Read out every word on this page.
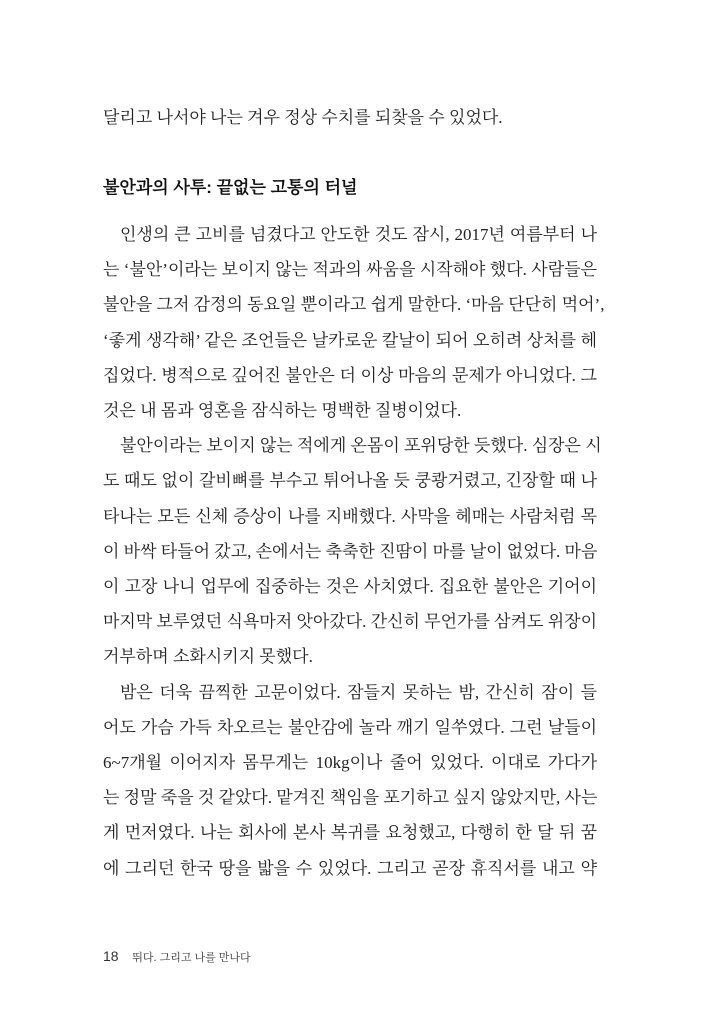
달리고 나서야 나는 겨우 정상 수치를 되찾을 수 있었다.
불안과의 사투: 끝없는 고통의 터널
인생의 큰 고비를 넘겼다고 안도한 것도 잠시, 2017년 여름부터 나
는 ‘불안’이라는 보이지 않는 적과의 싸움을 시작해야 했다. 사람들은
불안을 그저 감정의 동요일 뿐이라고 쉽게 말한다. ‘마음 단단히 먹어’,
‘좋게 생각해’ 같은 조언들은 날카로운 칼날이 되어 오히려 상처를 헤
집었다. 병적으로 깊어진 불안은 더 이상 마음의 문제가 아니었다. 그
것은 내 몸과 영혼을 잠식하는 명백한 질병이었다.
불안이라는 보이지 않는 적에게 온몸이 포위당한 듯했다. 심장은 시
도 때도 없이 갈비뼈를 부수고 튀어나올 듯 쿵쾅거렸고, 긴장할 때 나
타나는 모든 신체 증상이 나를 지배했다. 사막을 헤매는 사람처럼 목
이 바싹 타들어 갔고, 손에서는 축축한 진땀이 마를 날이 없었다. 마음
이 고장 나니 업무에 집중하는 것은 사치였다. 집요한 불안은 기어이
마지막 보루였던 식욕마저 앗아갔다. 간신히 무언가를 삼켜도 위장이
거부하며 소화시키지 못했다.
밤은 더욱 끔찍한 고문이었다. 잠들지 못하는 밤, 간신히 잠이 들
어도 가슴 가득 차오르는 불안감에 놀라 깨기 일쑤였다. 그런 날들이
6~7개월 이어지자 몸무게는 10kg이나 줄어 있었다. 이대로 가다가
는 정말 죽을 것 같았다. 맡겨진 책임을 포기하고 싶지 않았지만, 사는
게 먼저였다. 나는 회사에 본사 복귀를 요청했고, 다행히 한 달 뒤 꿈
에 그리던 한국 땅을 밟을 수 있었다. 그리고 곧장 휴직서를 내고 약
18 뛰다. 그리고 나를 만나다
